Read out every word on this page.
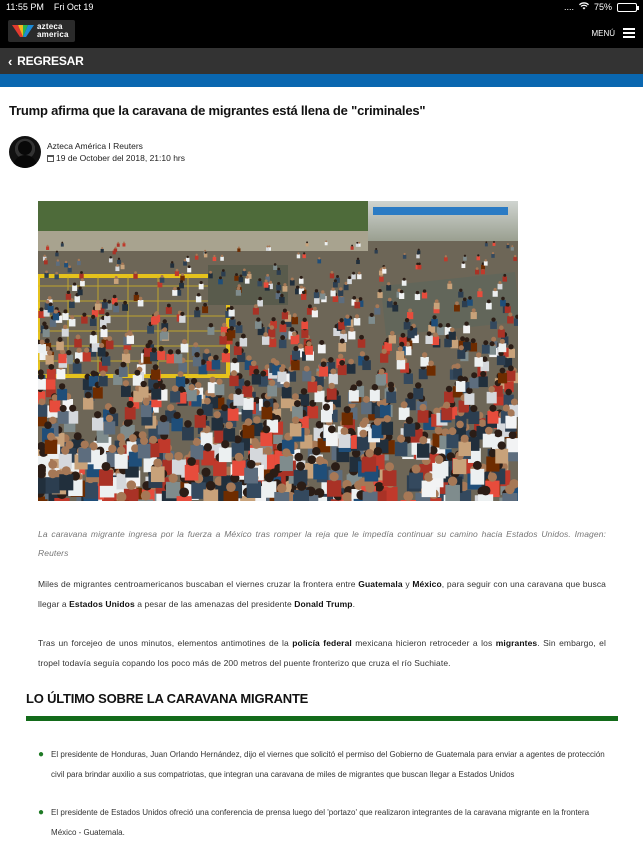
11:55 PM Fri Oct 19	.... 75%
azteca
america	MENÚ
‹ REGRESAR
Trump afirma que la caravana de migrantes está llena de "criminales"
Azteca América I Reuters
19 de October del 2018, 21:10 hrs

La caravana migrante ingresa por la fuerza a México tras romper la reja que le impedía continuar su camino hacia Estados Unidos. Imagen: Reuters

Miles de migrantes centroamericanos buscaban el viernes cruzar la frontera entre Guatemala y México, para seguir con una caravana que busca llegar a Estados Unidos a pesar de las amenazas del presidente Donald Trump.

Tras un forcejeo de unos minutos, elementos antimotines de la policía federal mexicana hicieron retroceder a los migrantes. Sin embargo, el tropel todavía seguía copando los poco más de 200 metros del puente fronterizo que cruza el río Suchiate.

LO ÚLTIMO SOBRE LA CARAVANA MIGRANTE
● El presidente de Honduras, Juan Orlando Hernández, dijo el viernes que solicitó el permiso del Gobierno de Guatemala para enviar a agentes de protección civil para brindar auxilio a sus compatriotas, que integran una caravana de miles de migrantes que buscan llegar a Estados Unidos
● El presidente de Estados Unidos ofreció una conferencia de prensa luego del 'portazo' que realizaron integrantes de la caravana migrante en la frontera México - Guatemala.
